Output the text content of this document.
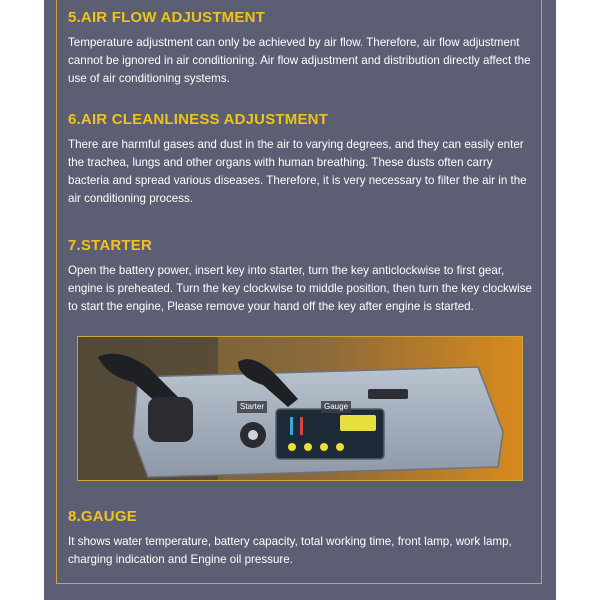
5.AIR FLOW ADJUSTMENT

Temperature adjustment can only be achieved by air flow. Therefore, air flow adjustment cannot be ignored in air conditioning. Air flow adjustment and distribution directly affect the use of air conditioning systems.

6.AIR CLEANLINESS ADJUSTMENT

There are harmful gases and dust in the air to varying degrees, and they can easily enter the trachea, lungs and other organs with human breathing. These dusts often carry bacteria and spread various diseases. Therefore, it is very necessary to filter the air in the air conditioning process.

7.STARTER

Open the battery power, insert key into starter, turn the key anticlockwise to first gear, engine is preheated. Turn the key clockwise to middle position, then turn the key clockwise to start the engine, Please remove your hand off the key after engine is started.

Starter	Gauge
8.GAUGE

It shows water temperature, battery capacity, total working time, front lamp, work lamp, charging indication and Engine oil pressure.
